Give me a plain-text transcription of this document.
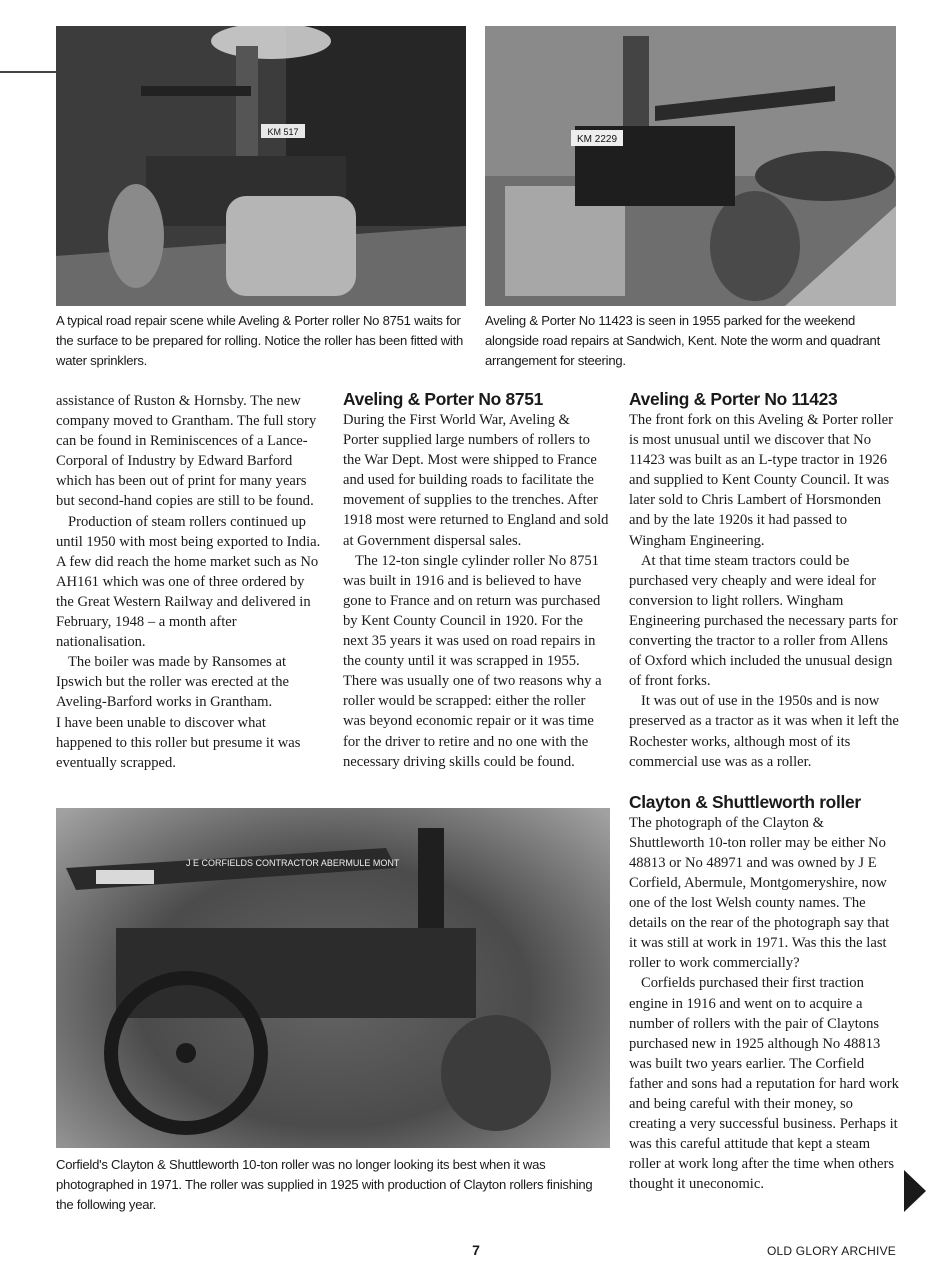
KM 517
KM 2229
A typical road repair scene while Aveling & Porter roller No 8751 waits for the surface to be prepared for rolling. Notice the roller has been fitted with water sprinklers.
Aveling & Porter No 11423 is seen in 1955 parked for the weekend alongside road repairs at Sandwich, Kent. Note the worm and quadrant arrangement for steering.

assistance of Ruston & Hornsby. The new company moved to Grantham. The full story can be found in Reminiscences of a Lance-Corporal of Industry by Edward Barford which has been out of print for many years but second-hand copies are still to be found.

Production of steam rollers continued up until 1950 with most being exported to India. A few did reach the home market such as No AH161 which was one of three ordered by the Great Western Railway and delivered in February, 1948 – a month after nationalisation.

The boiler was made by Ransomes at Ipswich but the roller was erected at the Aveling-Barford works in Grantham.

I have been unable to discover what happened to this roller but presume it was eventually scrapped.

Aveling & Porter No 8751

During the First World War, Aveling & Porter supplied large numbers of rollers to the War Dept. Most were shipped to France and used for building roads to facilitate the movement of supplies to the trenches. After 1918 most were returned to England and sold at Government dispersal sales.

The 12-ton single cylinder roller No 8751 was built in 1916 and is believed to have gone to France and on return was purchased by Kent County Council in 1920. For the next 35 years it was used on road repairs in the county until it was scrapped in 1955. There was usually one of two reasons why a roller would be scrapped: either the roller was beyond economic repair or it was time for the driver to retire and no one with the necessary driving skills could be found.

Aveling & Porter No 11423

The front fork on this Aveling & Porter roller is most unusual until we discover that No 11423 was built as an L-type tractor in 1926 and supplied to Kent County Council. It was later sold to Chris Lambert of Horsmonden and by the late 1920s it had passed to Wingham Engineering.

At that time steam tractors could be purchased very cheaply and were ideal for conversion to light rollers. Wingham Engineering purchased the necessary parts for converting the tractor to a roller from Allens of Oxford which included the unusual design of front forks.

It was out of use in the 1950s and is now preserved as a tractor as it was when it left the Rochester works, although most of its commercial use was as a roller.

Clayton & Shuttleworth roller

The photograph of the Clayton & Shuttleworth 10-ton roller may be either No 48813 or No 48971 and was owned by J E Corfield, Abermule, Montgomeryshire, now one of the lost Welsh county names. The details on the rear of the photograph say that it was still at work in 1971. Was this the last roller to work commercially?

Corfields purchased their first traction engine in 1916 and went on to acquire a number of rollers with the pair of Claytons purchased new in 1925 although No 48813 was built two years earlier. The Corfield father and sons had a reputation for hard work and being careful with their money, so creating a very successful business. Perhaps it was this careful attitude that kept a steam roller at work long after the time when others thought it uneconomic.

J E CORFIELDS CONTRACTOR ABERMULE MONT
Corfield's Clayton & Shuttleworth 10-ton roller was no longer looking its best when it was photographed in 1971. The roller was supplied in 1925 with production of Clayton rollers finishing the following year.
7	OLD GLORY ARCHIVE
